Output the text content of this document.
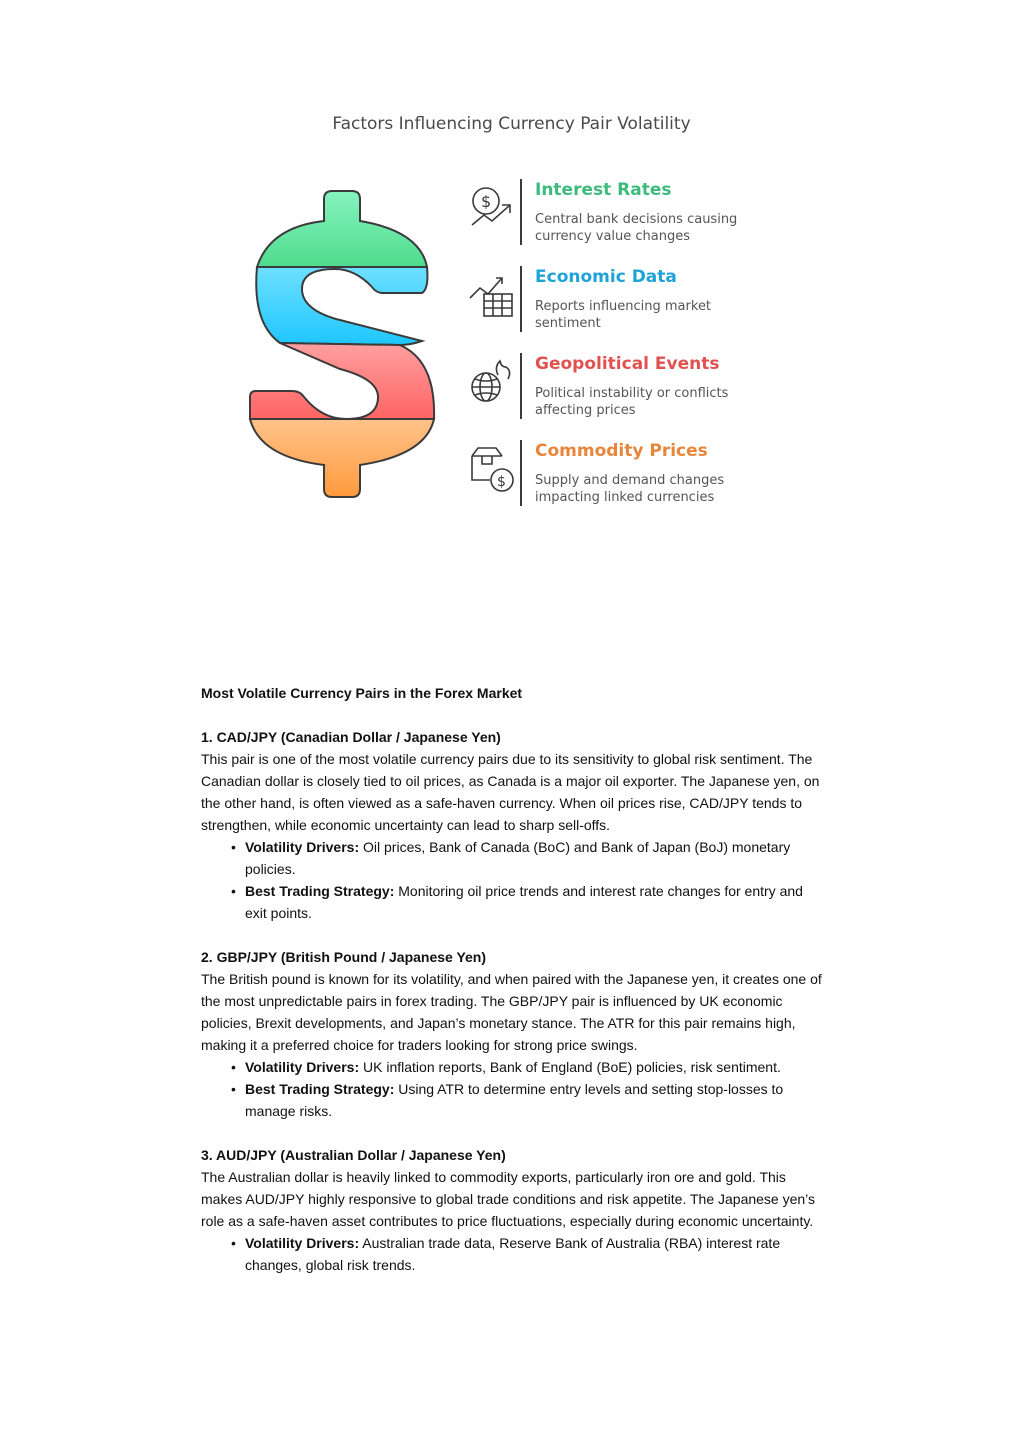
Factors Influencing Currency Pair Volatility
$
Interest Rates
Central bank decisions causing currency value changes
Economic Data
Reports influencing market sentiment
Geopolitical Events
Political instability or conflicts affecting prices
$
Commodity Prices
Supply and demand changes impacting linked currencies

Most Volatile Currency Pairs in the Forex Market

1. CAD/JPY (Canadian Dollar / Japanese Yen)

This pair is one of the most volatile currency pairs due to its sensitivity to global risk sentiment. The Canadian dollar is closely tied to oil prices, as Canada is a major oil exporter. The Japanese yen, on the other hand, is often viewed as a safe-haven currency. When oil prices rise, CAD/JPY tends to strengthen, while economic uncertainty can lead to sharp sell-offs.

• Volatility Drivers: Oil prices, Bank of Canada (BoC) and Bank of Japan (BoJ) monetary policies.
• Best Trading Strategy: Monitoring oil price trends and interest rate changes for entry and exit points.

2. GBP/JPY (British Pound / Japanese Yen)

The British pound is known for its volatility, and when paired with the Japanese yen, it creates one of the most unpredictable pairs in forex trading. The GBP/JPY pair is influenced by UK economic policies, Brexit developments, and Japan’s monetary stance. The ATR for this pair remains high, making it a preferred choice for traders looking for strong price swings.

• Volatility Drivers: UK inflation reports, Bank of England (BoE) policies, risk sentiment.
• Best Trading Strategy: Using ATR to determine entry levels and setting stop-losses to manage risks.

3. AUD/JPY (Australian Dollar / Japanese Yen)

The Australian dollar is heavily linked to commodity exports, particularly iron ore and gold. This makes AUD/JPY highly responsive to global trade conditions and risk appetite. The Japanese yen’s role as a safe-haven asset contributes to price fluctuations, especially during economic uncertainty.

• Volatility Drivers: Australian trade data, Reserve Bank of Australia (RBA) interest rate changes, global risk trends.
